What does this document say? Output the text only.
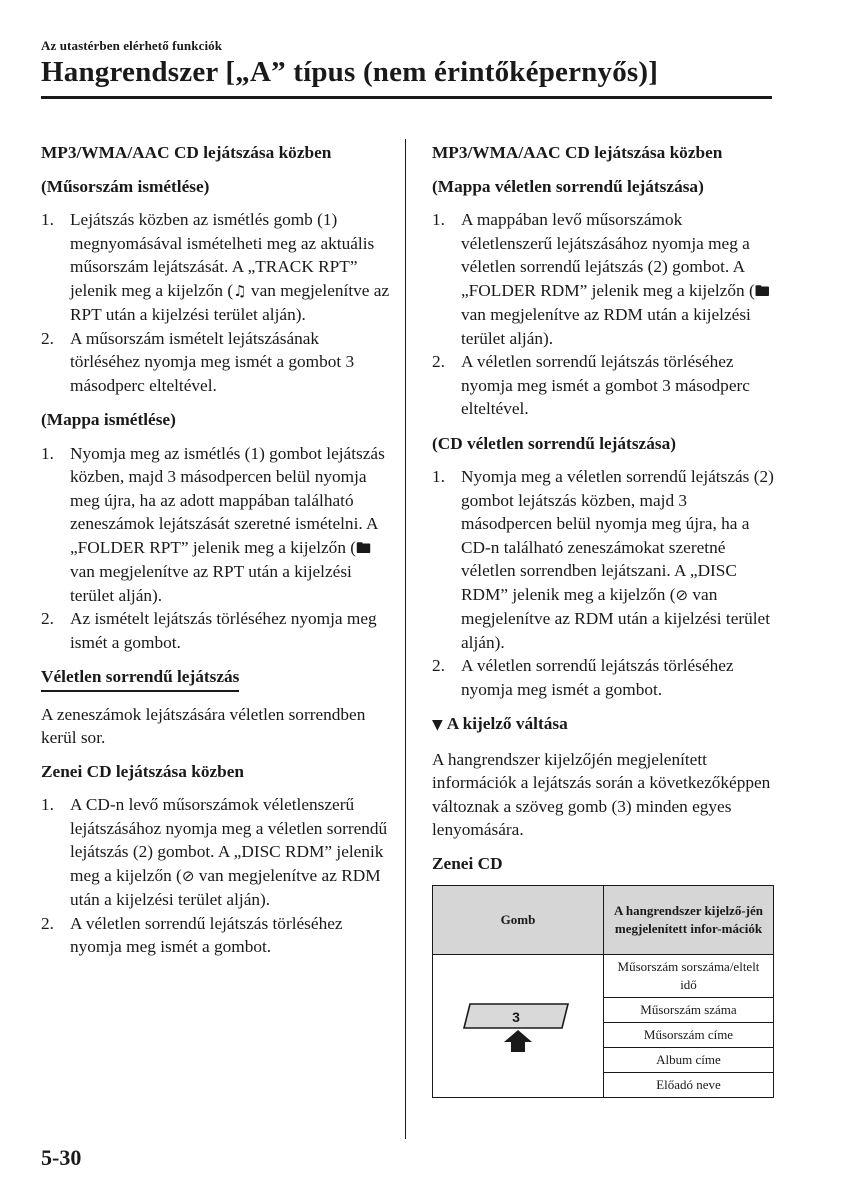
Az utastérben elérhető funkciók
Hangrendszer [„A” típus (nem érintőképernyős)]
MP3/WMA/AAC CD lejátszása közben
(Műsorszám ismétlése)
1. Lejátszás közben az ismétlés gomb (1) megnyomásával ismételheti meg az aktuális műsorszám lejátszását. A „TRACK RPT” jelenik meg a kijelzőn (♫ van megjelenítve az RPT után a kijelzési terület alján).
2. A műsorszám ismételt lejátszásának törléséhez nyomja meg ismét a gombot 3 másodperc elteltével.
(Mappa ismétlése)
1. Nyomja meg az ismétlés (1) gombot lejátszás közben, majd 3 másodpercen belül nyomja meg újra, ha az adott mappában található zeneszámok lejátszását szeretné ismételni. A „FOLDER RPT” jelenik meg a kijelzőn (🖿 van megjelenítve az RPT után a kijelzési terület alján).
2. Az ismételt lejátszás törléséhez nyomja meg ismét a gombot.
Véletlen sorrendű lejátszás

A zeneszámok lejátszására véletlen sorrendben kerül sor.

Zenei CD lejátszása közben
1. A CD-n levő műsorszámok véletlenszerű lejátszásához nyomja meg a véletlen sorrendű lejátszás (2) gombot. A „DISC RDM” jelenik meg a kijelzőn (⊘ van megjelenítve az RDM után a kijelzési terület alján).
2. A véletlen sorrendű lejátszás törléséhez nyomja meg ismét a gombot.
MP3/WMA/AAC CD lejátszása közben
(Mappa véletlen sorrendű lejátszása)
1. A mappában levő műsorszámok véletlenszerű lejátszásához nyomja meg a véletlen sorrendű lejátszás (2) gombot. A „FOLDER RDM” jelenik meg a kijelzőn (🖿 van megjelenítve az RDM után a kijelzési terület alján).
2. A véletlen sorrendű lejátszás törléséhez nyomja meg ismét a gombot 3 másodperc elteltével.
(CD véletlen sorrendű lejátszása)
1. Nyomja meg a véletlen sorrendű lejátszás (2) gombot lejátszás közben, majd 3 másodpercen belül nyomja meg újra, ha a CD-n található zeneszámokat szeretné véletlen sorrendben lejátszani. A „DISC RDM” jelenik meg a kijelzőn (⊘ van megjelenítve az RDM után a kijelzési terület alján).
2. A véletlen sorrendű lejátszás törléséhez nyomja meg ismét a gombot.
▼ A kijelző váltása

A hangrendszer kijelzőjén megjelenített információk a lejátszás során a következőképpen változnak a szöveg gomb (3) minden egyes lenyomására.

Zenei CD
Gomb	A hangrendszer kijelző-jén megjelenített infor-mációk

3	Műsorszám sorszáma/eltelt idő
	Műsorszám száma
	Műsorszám címe
	Album címe
	Előadó neve
5-30
